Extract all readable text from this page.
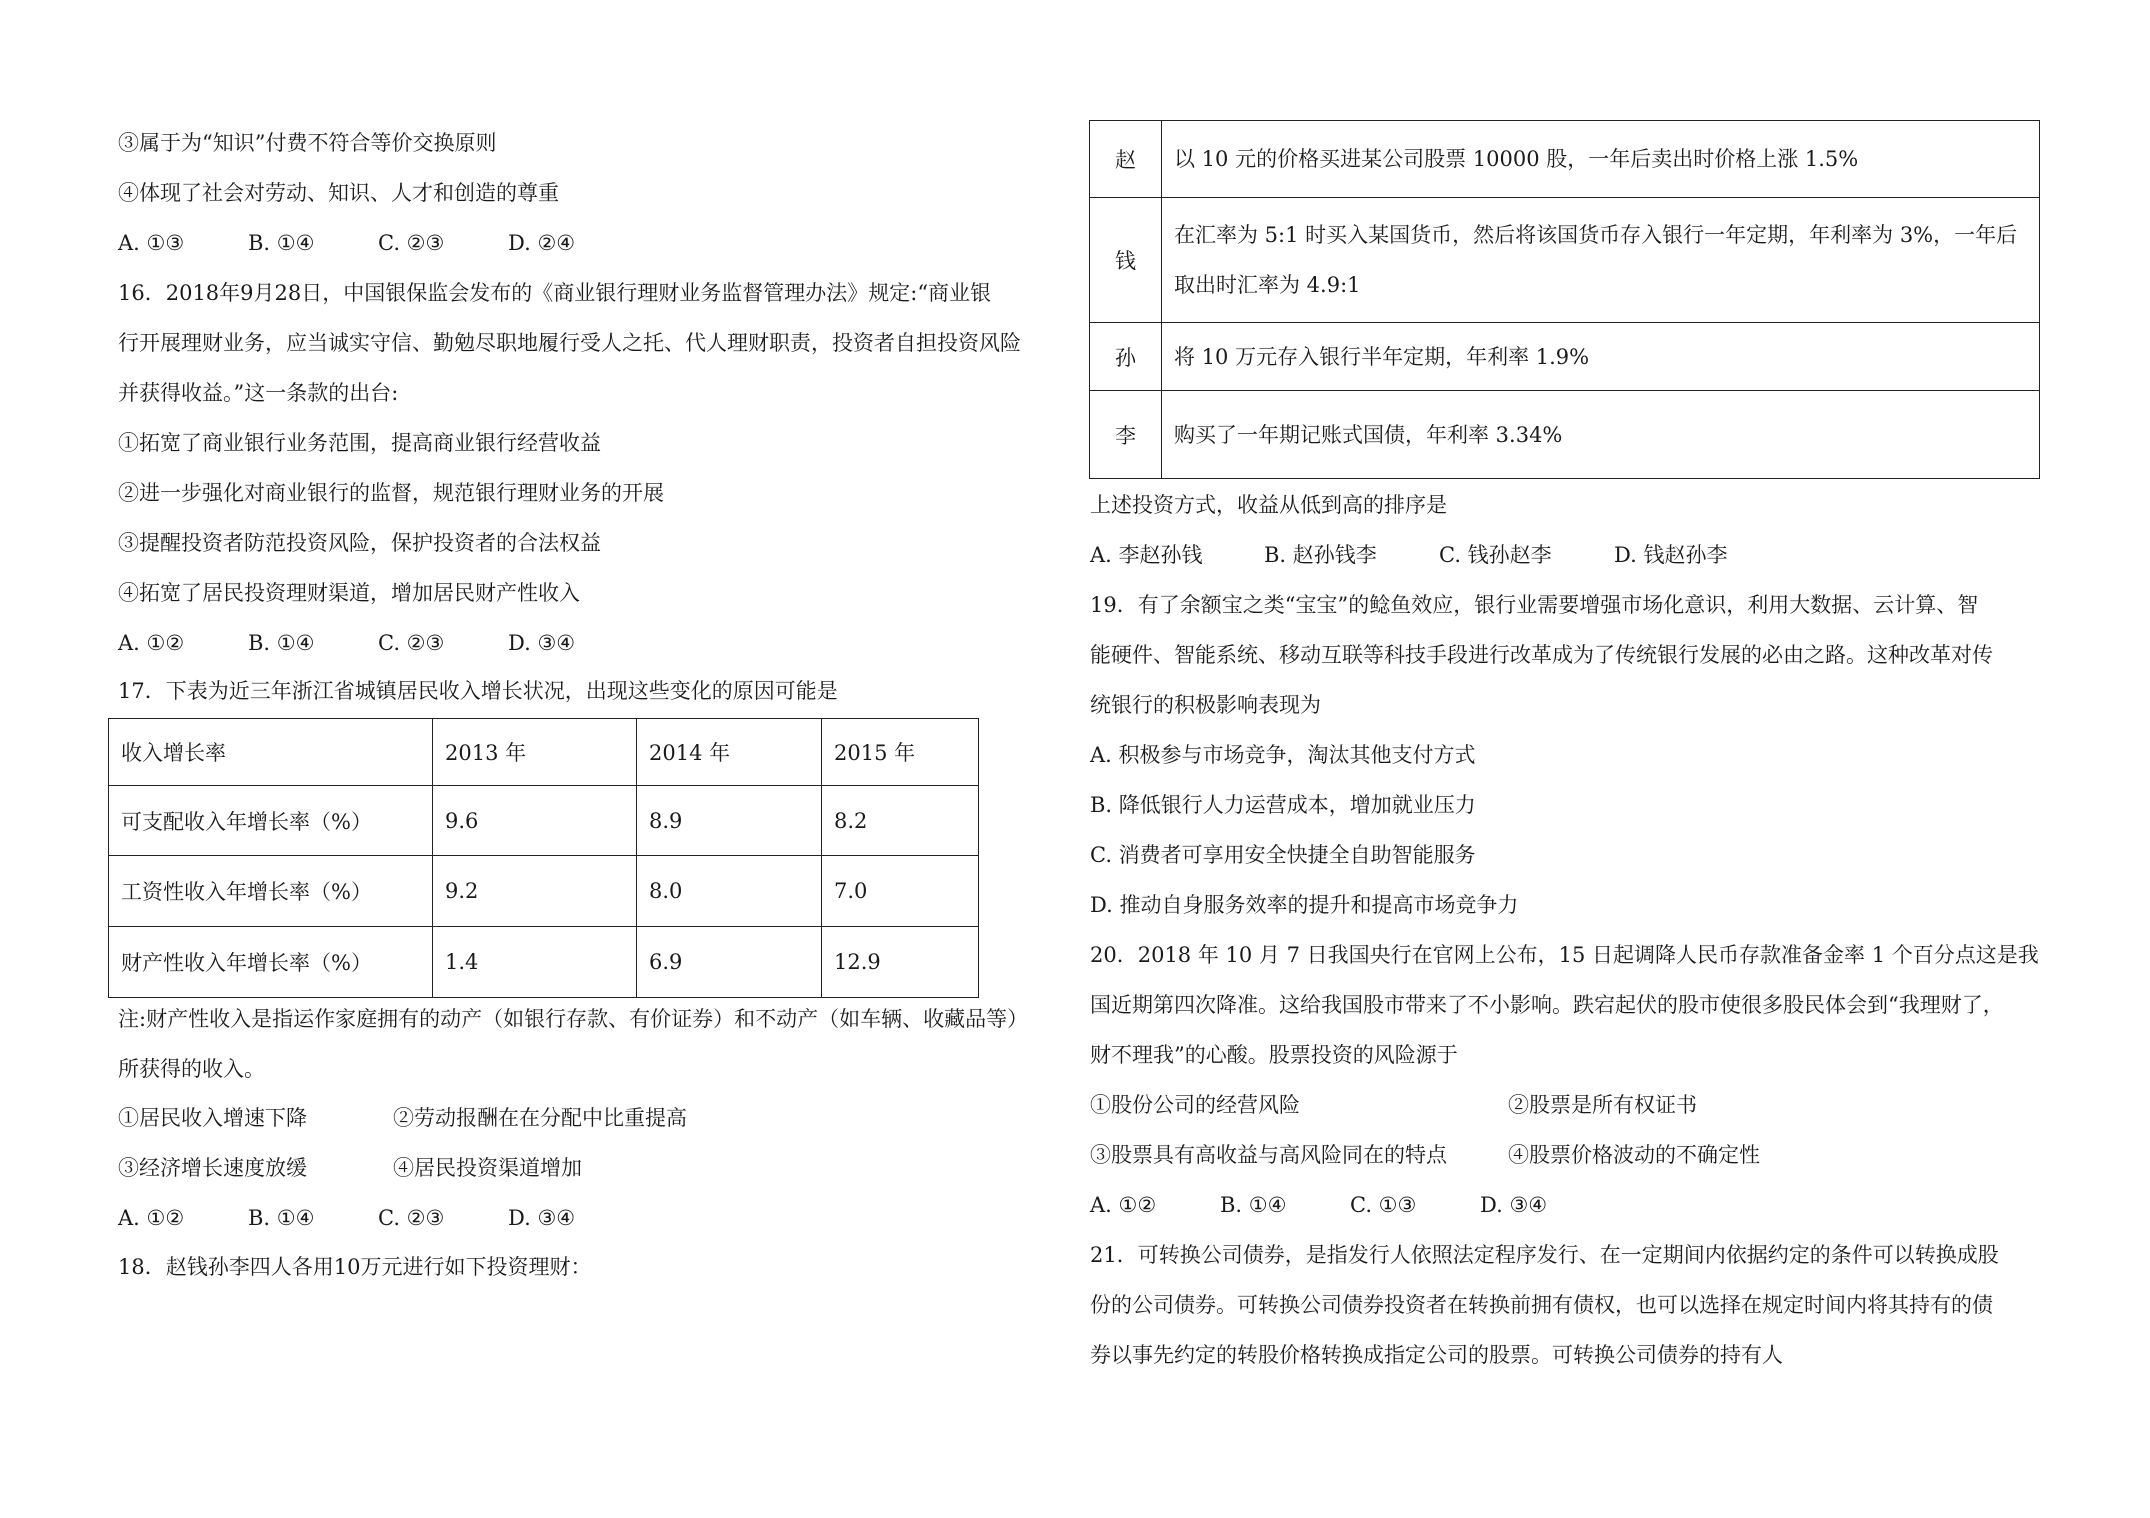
③属于为“知识”付费不符合等价交换原则
④体现了社会对劳动、知识、人才和创造的尊重
A. ①③	B. ①④	C. ②③	D. ②④
16．2018年9月28日，中国银保监会发布的《商业银行理财业务监督管理办法》规定:“商业银
行开展理财业务，应当诚实守信、勤勉尽职地履行受人之托、代人理财职责，投资者自担投资风险
并获得收益。”这一条款的出台:
①拓宽了商业银行业务范围，提高商业银行经营收益
②进一步强化对商业银行的监督，规范银行理财业务的开展
③提醒投资者防范投资风险，保护投资者的合法权益
④拓宽了居民投资理财渠道，增加居民财产性收入
A. ①②	B. ①④	C. ②③	D. ③④
17．下表为近三年浙江省城镇居民收入增长状况，出现这些变化的原因可能是
收入增长率	2013 年	2014 年	2015 年
可支配收入年增长率（%）	9.6	8.9	8.2
工资性收入年增长率（%）	9.2	8.0	7.0
财产性收入年增长率（%）	1.4	6.9	12.9
注:财产性收入是指运作家庭拥有的动产（如银行存款、有价证券）和不动产（如车辆、收藏品等）
所获得的收入。
①居民收入增速下降	②劳动报酬在在分配中比重提高
③经济增长速度放缓	④居民投资渠道增加
A. ①②	B. ①④	C. ②③	D. ③④
18．赵钱孙李四人各用10万元进行如下投资理财：
赵	以 10 元的价格买进某公司股票 10000 股，一年后卖出时价格上涨 1.5%
钱	在汇率为 5:1 时买入某国货币，然后将该国货币存入银行一年定期，年利率为 3%，一年后取出时汇率为 4.9:1
孙	将 10 万元存入银行半年定期，年利率 1.9%
李	购买了一年期记账式国债，年利率 3.34%
上述投资方式，收益从低到高的排序是
A. 李赵孙钱	B. 赵孙钱李	C. 钱孙赵李	D. 钱赵孙李
19．有了余额宝之类“宝宝”的鲶鱼效应，银行业需要增强市场化意识，利用大数据、云计算、智
能硬件、智能系统、移动互联等科技手段进行改革成为了传统银行发展的必由之路。这种改革对传
统银行的积极影响表现为
A. 积极参与市场竞争，淘汰其他支付方式
B. 降低银行人力运营成本，增加就业压力
C. 消费者可享用安全快捷全自助智能服务
D. 推动自身服务效率的提升和提高市场竞争力
20．2018 年 10 月 7 日我国央行在官网上公布，15 日起调降人民币存款准备金率 1 个百分点这是我
国近期第四次降准。这给我国股市带来了不小影响。跌宕起伏的股市使很多股民体会到“我理财了，
财不理我”的心酸。股票投资的风险源于
①股份公司的经营风险	②股票是所有权证书
③股票具有高收益与高风险同在的特点	④股票价格波动的不确定性
A. ①②	B. ①④	C. ①③	D. ③④
21．可转换公司债券，是指发行人依照法定程序发行、在一定期间内依据约定的条件可以转换成股
份的公司债券。可转换公司债券投资者在转换前拥有债权，也可以选择在规定时间内将其持有的债
券以事先约定的转股价格转换成指定公司的股票。可转换公司债券的持有人
